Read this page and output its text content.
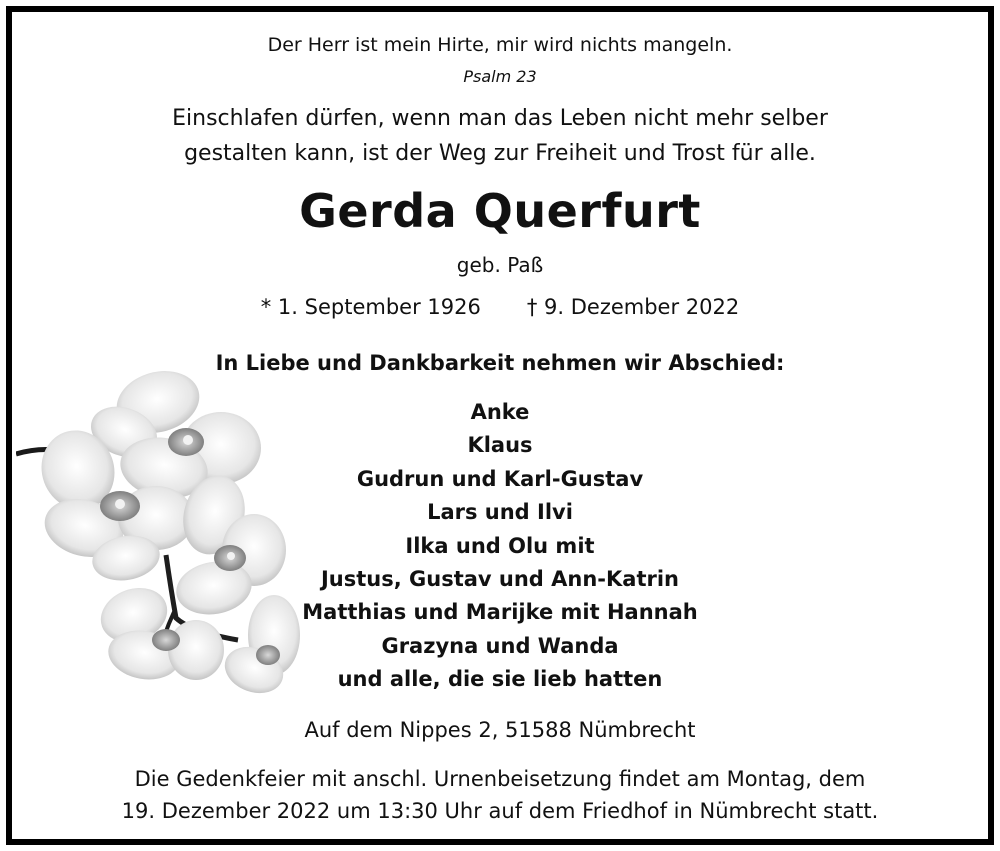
Der Herr ist mein Hirte, mir wird nichts mangeln.
Psalm 23
Einschlafen dürfen, wenn man das Leben nicht mehr selber
gestalten kann, ist der Weg zur Freiheit und Trost für alle.
Gerda Querfurt
geb. Paß
* 1. September 1926 † 9. Dezember 2022
In Liebe und Dankbarkeit nehmen wir Abschied:
Anke
Klaus
Gudrun und Karl-Gustav
Lars und Ilvi
Ilka und Olu mit
Justus, Gustav und Ann-Katrin
Matthias und Marijke mit Hannah
Grazyna und Wanda
und alle, die sie lieb hatten
Auf dem Nippes 2, 51588 Nümbrecht
Die Gedenkfeier mit anschl. Urnenbeisetzung findet am Montag, dem
19. Dezember 2022 um 13:30 Uhr auf dem Friedhof in Nümbrecht statt.
